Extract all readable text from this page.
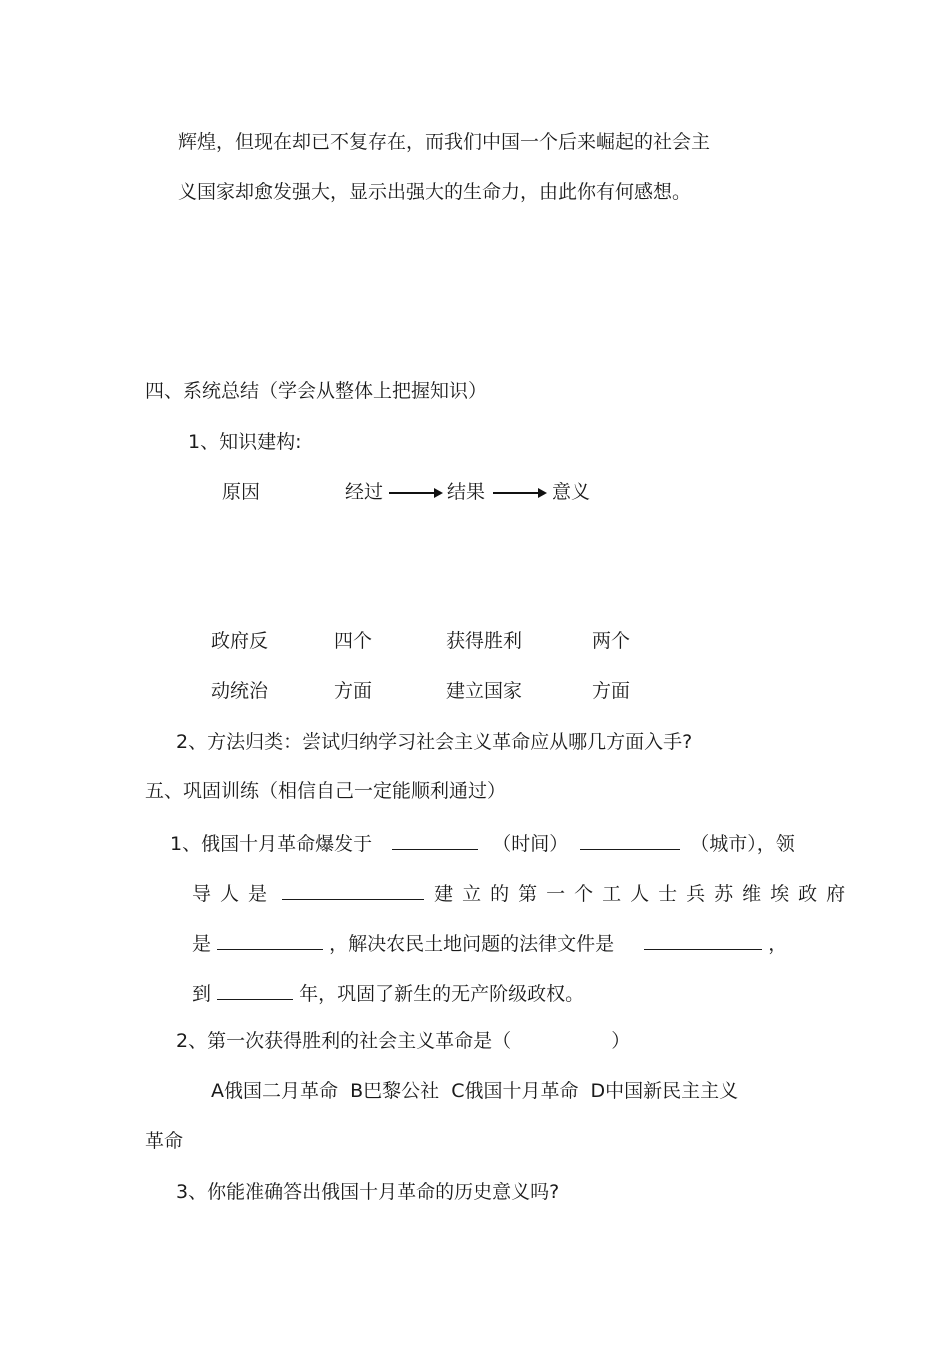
辉煌，但现在却已不复存在，而我们中国一个后来崛起的社会主
义国家却愈发强大，显示出强大的生命力，由此你有何感想。
四、系统总结（学会从整体上把握知识）
1、知识建构:
原因	经过	结果	意义
政府反	四个	获得胜利	两个
动统治	方面	建立国家	方面
2、方法归类：尝试归纳学习社会主义革命应从哪几方面入手?
五、巩固训练（相信自己一定能顺利通过）
1、俄国十月革命爆发于	（时间）	（城市），领
导人是	建立的第一个工人士兵苏维埃政府
是	，解决农民土地问题的法律文件是	，
到	年，巩固了新生的无产阶级政权。
2、第一次获得胜利的社会主义革命是（	）
A俄国二月革命  B巴黎公社  C俄国十月革命  D中国新民主主义
革命
3、你能准确答出俄国十月革命的历史意义吗?
